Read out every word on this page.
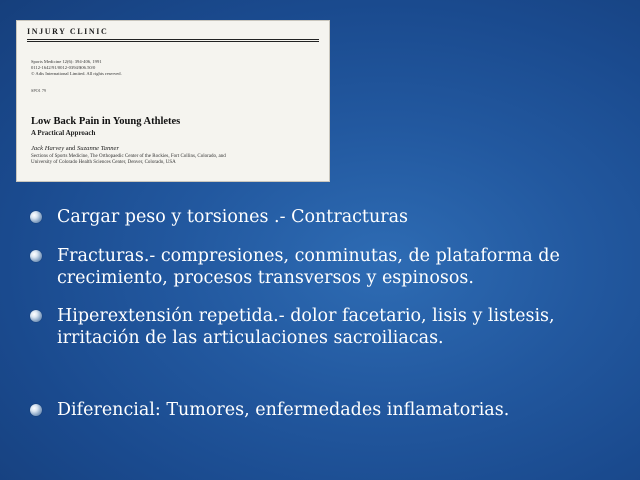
INJURY CLINIC
Sports Medicine 12(6): 394-406, 1991
0112-1642/91/0012-0394/$06.50/0
© Adis International Limited. All rights reserved.
SPO1 79
Low Back Pain in Young Athletes
A Practical Approach
Jack Harvey and Suzanne Tanner
Sections of Sports Medicine, The Orthopaedic Center of the Rockies, Fort Collins, Colorado, and
University of Colorado Health Sciences Center, Denver, Colorado, USA
Cargar peso y torsiones .- Contracturas
Fracturas.- compresiones, conminutas, de plataforma de
crecimiento, procesos transversos y espinosos.
Hiperextensión repetida.- dolor facetario, lisis y listesis,
irritación de las articulaciones sacroiliacas.
Diferencial: Tumores, enfermedades inflamatorias.
